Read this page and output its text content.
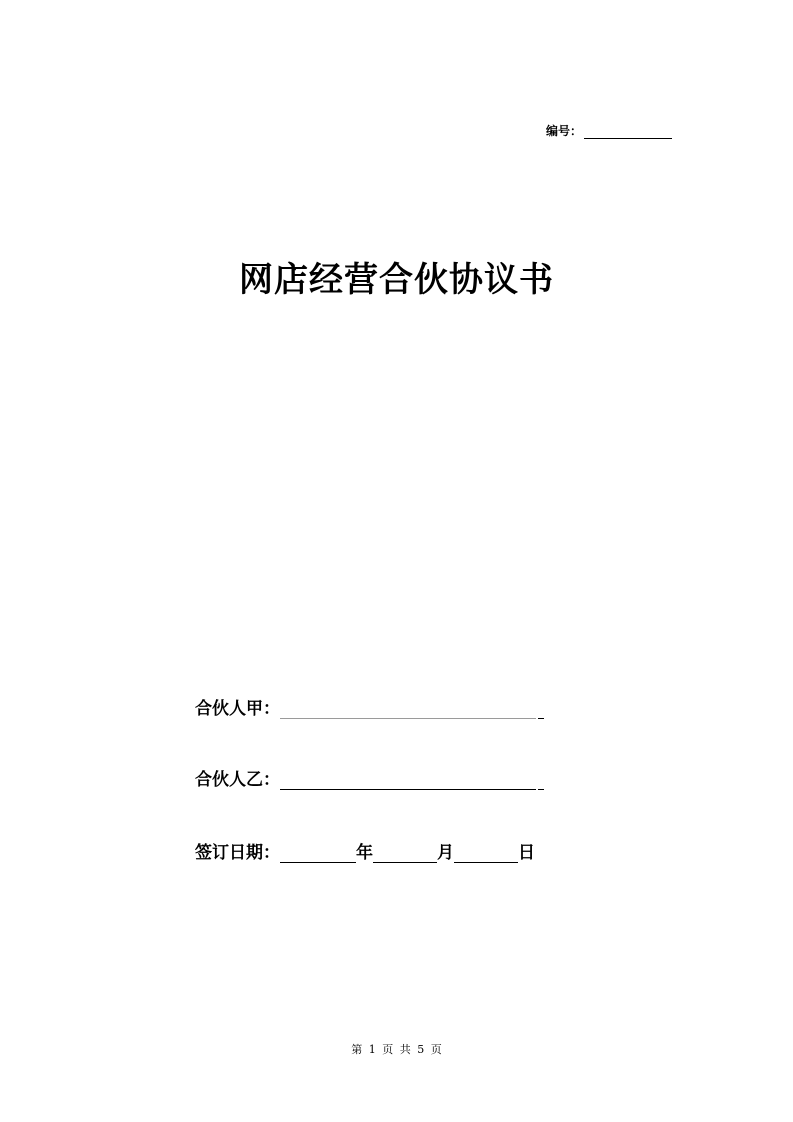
编号：
网店经营合伙协议书
合伙人甲：
合伙人乙：
签订日期：	年	月	日
第 1 页 共 5 页
